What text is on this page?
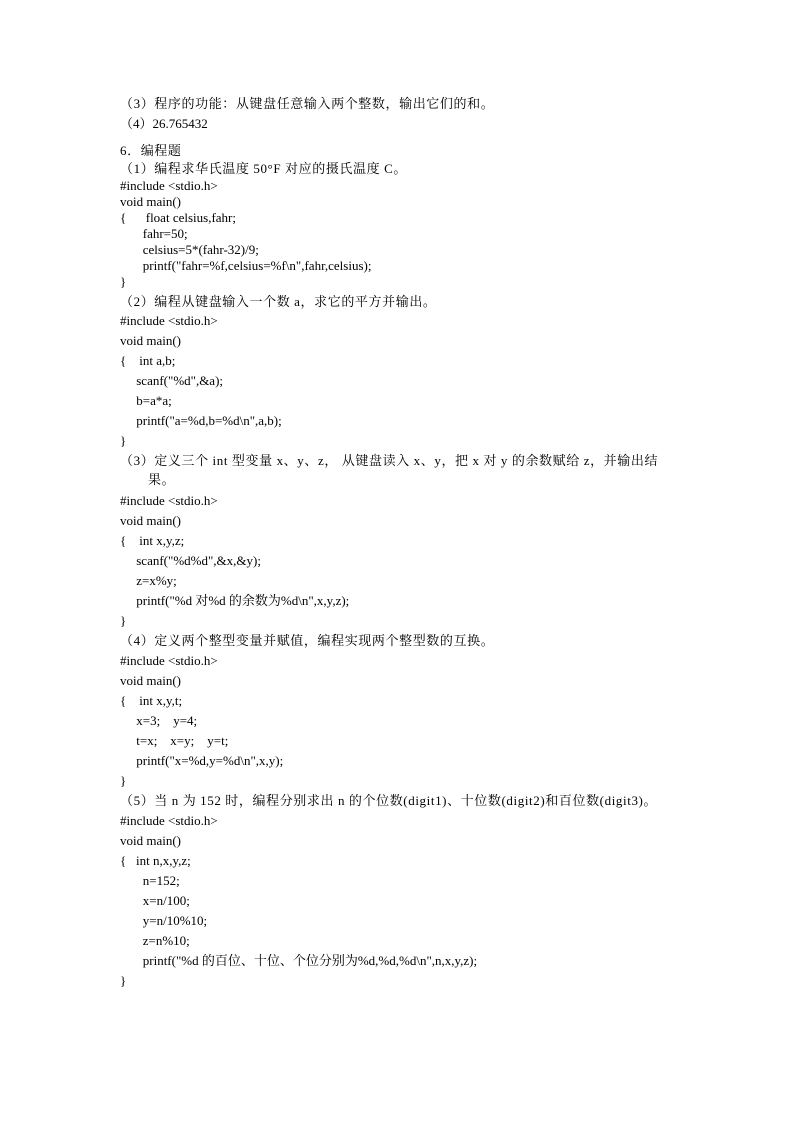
（3）程序的功能：从键盘任意输入两个整数，输出它们的和。
（4）26.765432
6．编程题
（1）编程求华氏温度 50°F 对应的摄氏温度 C。
#include <stdio.h>
void main()
{      float celsius,fahr;
fahr=50;
celsius=5*(fahr-32)/9;
printf("fahr=%f,celsius=%f\n",fahr,celsius);
}
（2）编程从键盘输入一个数 a，求它的平方并输出。
#include <stdio.h>
void main()
{    int a,b;
scanf("%d",&a);
b=a*a;
printf("a=%d,b=%d\n",a,b);
}
（3）定义三个 int 型变量 x、y、z， 从键盘读入 x、y，把 x 对 y 的余数赋给 z，并输出结
果。
#include <stdio.h>
void main()
{    int x,y,z;
scanf("%d%d",&x,&y);
z=x%y;
printf("%d 对%d 的余数为%d\n",x,y,z);
}
（4）定义两个整型变量并赋值，编程实现两个整型数的互换。
#include <stdio.h>
void main()
{    int x,y,t;
x=3;    y=4;
t=x;    x=y;    y=t;
printf("x=%d,y=%d\n",x,y);
}
（5）当 n 为 152 时，编程分别求出 n 的个位数(digit1)、十位数(digit2)和百位数(digit3)。
#include <stdio.h>
void main()
{   int n,x,y,z;
n=152;
x=n/100;
y=n/10%10;
z=n%10;
printf("%d 的百位、十位、个位分别为%d,%d,%d\n",n,x,y,z);
}
